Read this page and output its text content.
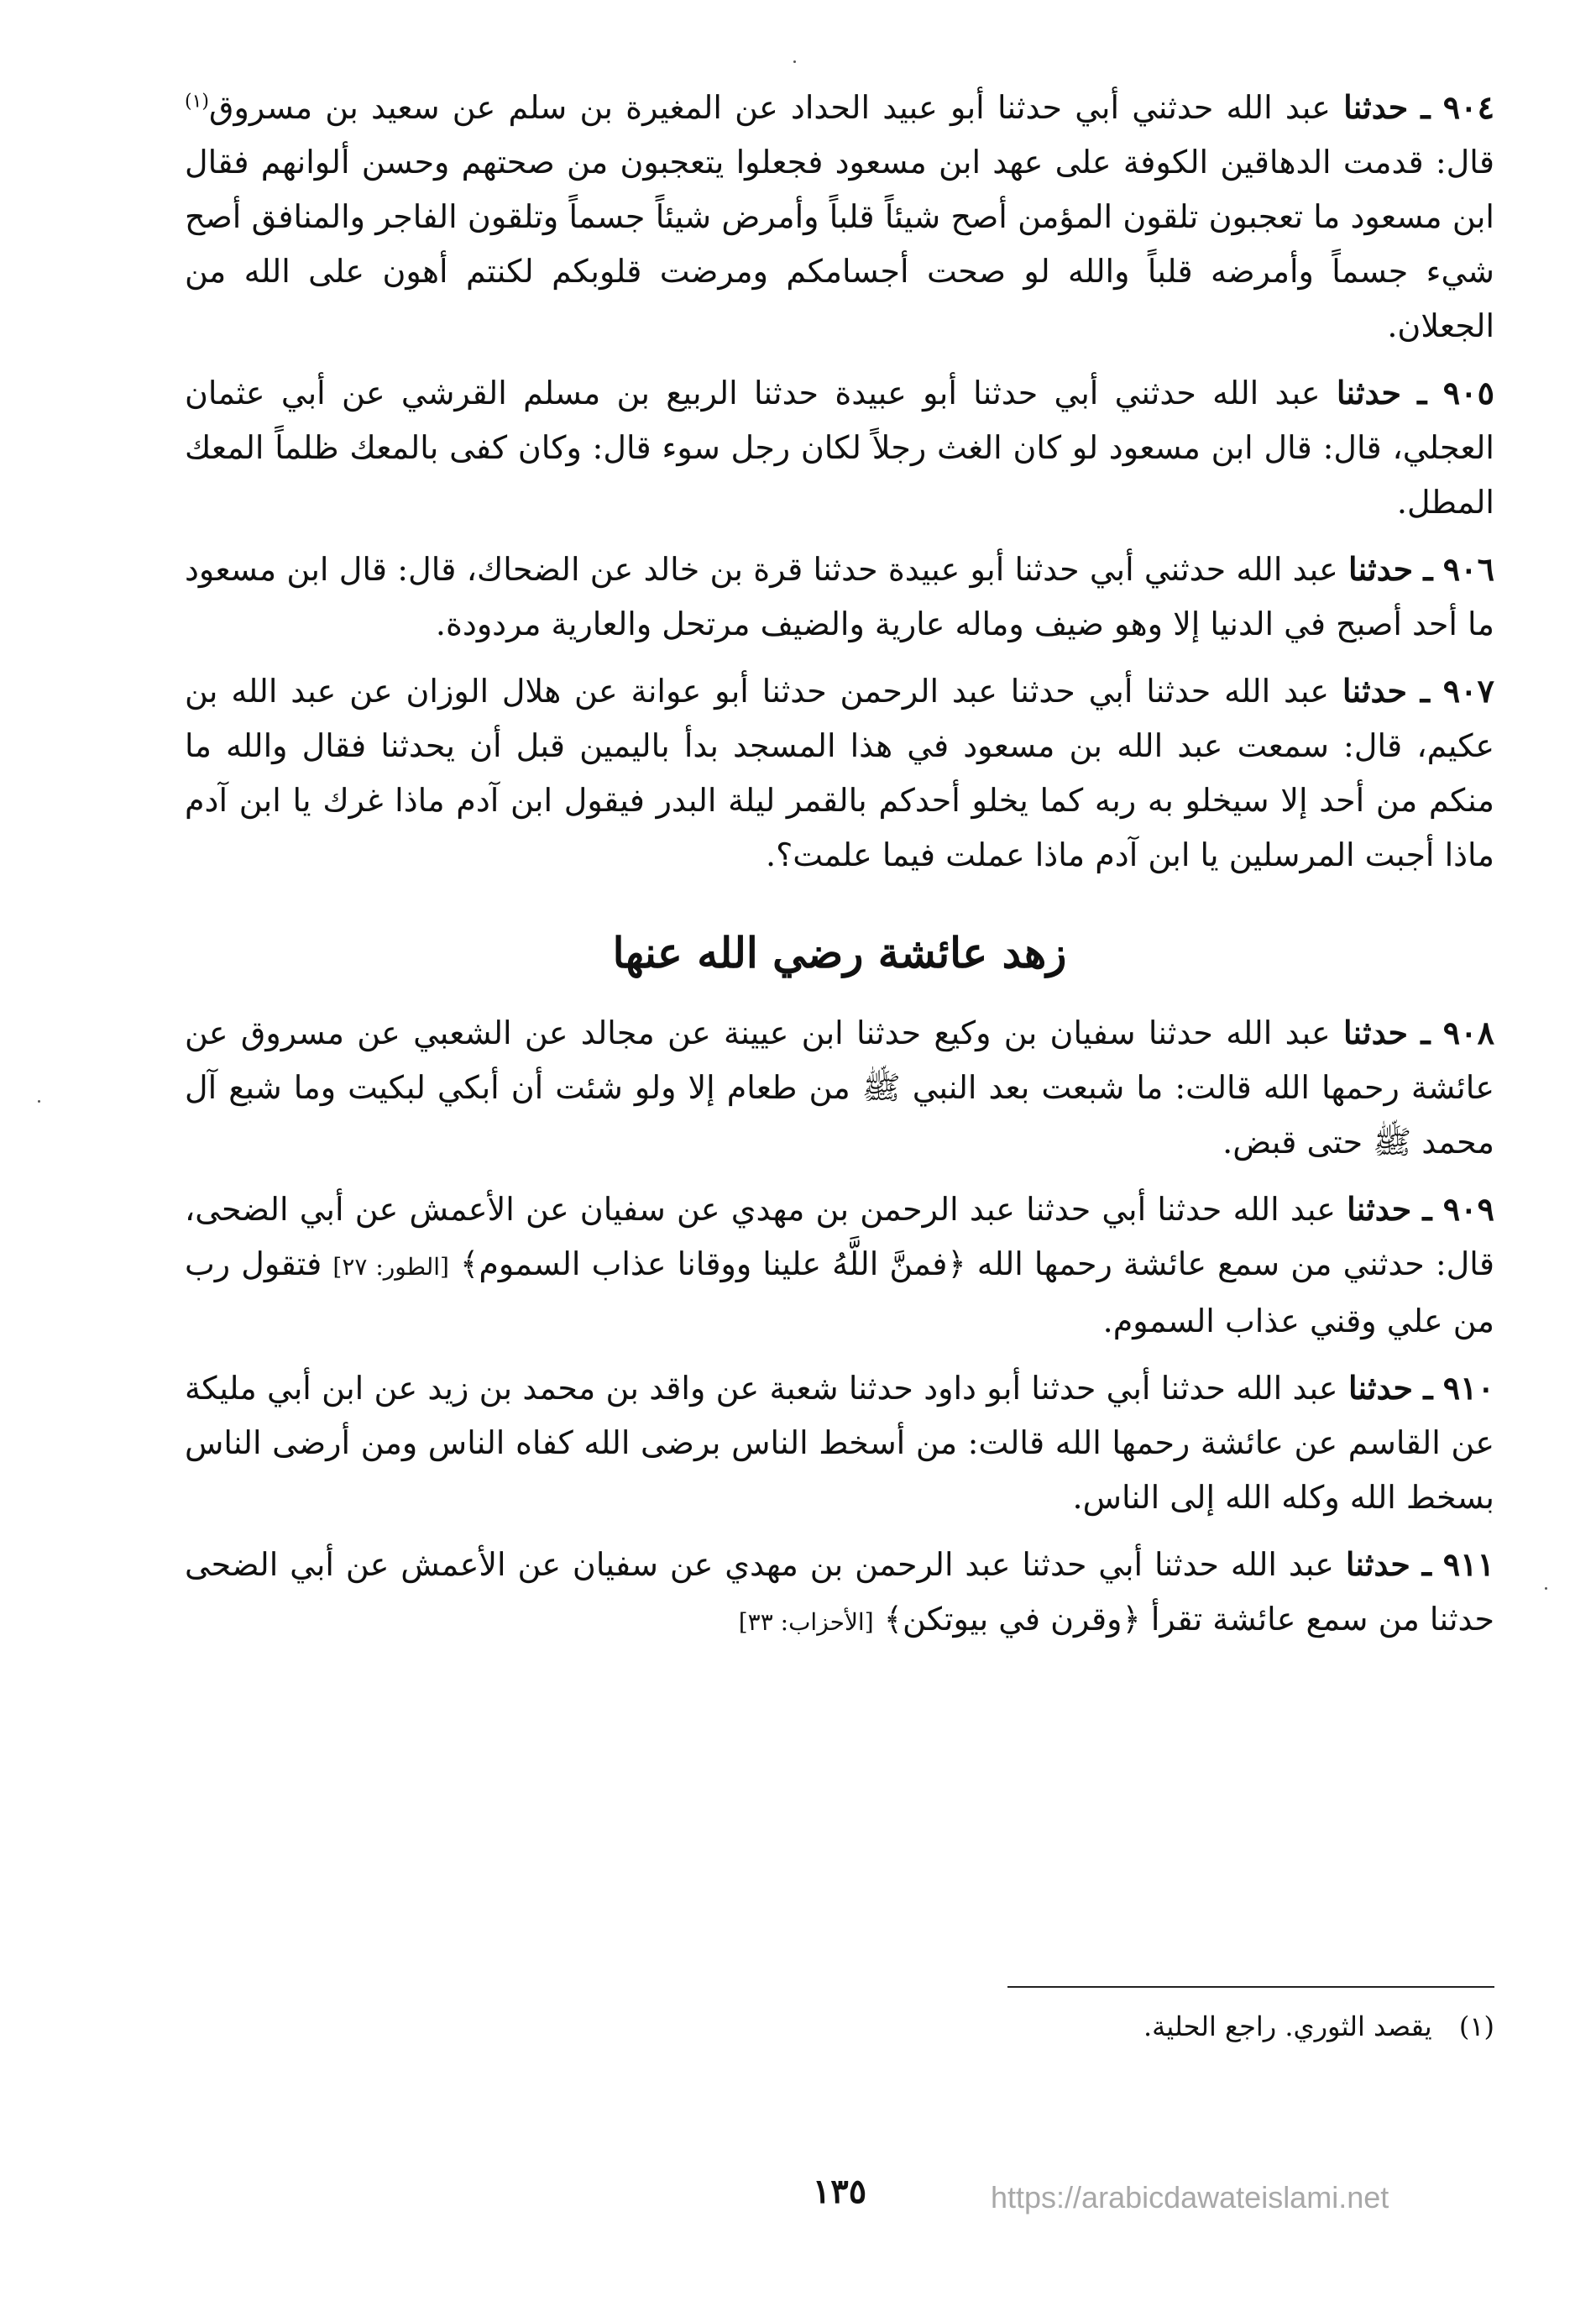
٩٠٤ ـ حدثنا عبد الله حدثني أبي حدثنا أبو عبيد الحداد عن المغيرة بن سلم عن سعيد بن مسروق$^{(١)}$ قال: قدمت الدهاقين الكوفة على عهد ابن مسعود فجعلوا يتعجبون من صحتهم وحسن ألوانهم فقال ابن مسعود ما تعجبون تلقون المؤمن أصح شيئاً قلباً وأمرض شيئاً جسماً وتلقون الفاجر والمنافق أصح شيء جسماً وأمرضه قلباً والله لو صحت أجسامكم ومرضت قلوبكم لكنتم أهون على الله من الجعلان.

٩٠٥ ـ حدثنا عبد الله حدثني أبي حدثنا أبو عبيدة حدثنا الربيع بن مسلم القرشي عن أبي عثمان العجلي، قال: قال ابن مسعود لو كان الغث رجلاً لكان رجل سوء قال: وكان كفى بالمعك ظلماً المعك المطل.

٩٠٦ ـ حدثنا عبد الله حدثني أبي حدثنا أبو عبيدة حدثنا قرة بن خالد عن الضحاك، قال: قال ابن مسعود ما أحد أصبح في الدنيا إلا وهو ضيف وماله عارية والضيف مرتحل والعارية مردودة.

٩٠٧ ـ حدثنا عبد الله حدثنا أبي حدثنا عبد الرحمن حدثنا أبو عوانة عن هلال الوزان عن عبد الله بن عكيم، قال: سمعت عبد الله بن مسعود في هذا المسجد بدأ باليمين قبل أن يحدثنا فقال والله ما منكم من أحد إلا سيخلو به ربه كما يخلو أحدكم بالقمر ليلة البدر فيقول ابن آدم ماذا غرك يا ابن آدم ماذا أجبت المرسلين يا ابن آدم ماذا عملت فيما علمت؟.

زهد عائشة رضي الله عنها

٩٠٨ ـ حدثنا عبد الله حدثنا سفيان بن وكيع حدثنا ابن عيينة عن مجالد عن الشعبي عن مسروق عن عائشة رحمها الله قالت: ما شبعت بعد النبي ﷺ من طعام إلا ولو شئت أن أبكي لبكيت وما شبع آل محمد ﷺ حتى قبض.

٩٠٩ ـ حدثنا عبد الله حدثنا أبي حدثنا عبد الرحمن بن مهدي عن سفيان عن الأعمش عن أبي الضحى، قال: حدثني من سمع عائشة رحمها الله ﴿فمنَّ اللَّهُ علينا ووقانا عذاب السموم﴾ [الطور: ٢٧] فتقول رب من علي وقني عذاب السموم.

٩١٠ ـ حدثنا عبد الله حدثنا أبي حدثنا أبو داود حدثنا شعبة عن واقد بن محمد بن زيد عن ابن أبي مليكة عن القاسم عن عائشة رحمها الله قالت: من أسخط الناس برضى الله كفاه الناس ومن أرضى الناس بسخط الله وكله الله إلى الناس.

٩١١ ـ حدثنا عبد الله حدثنا أبي حدثنا عبد الرحمن بن مهدي عن سفيان عن الأعمش عن أبي الضحى حدثنا من سمع عائشة تقرأ ﴿وقرن في بيوتكن﴾ [الأحزاب: ٣٣]

(١) يقصد الثوري. راجع الحلية.
١٣٥	https://arabicdawateislami.net
